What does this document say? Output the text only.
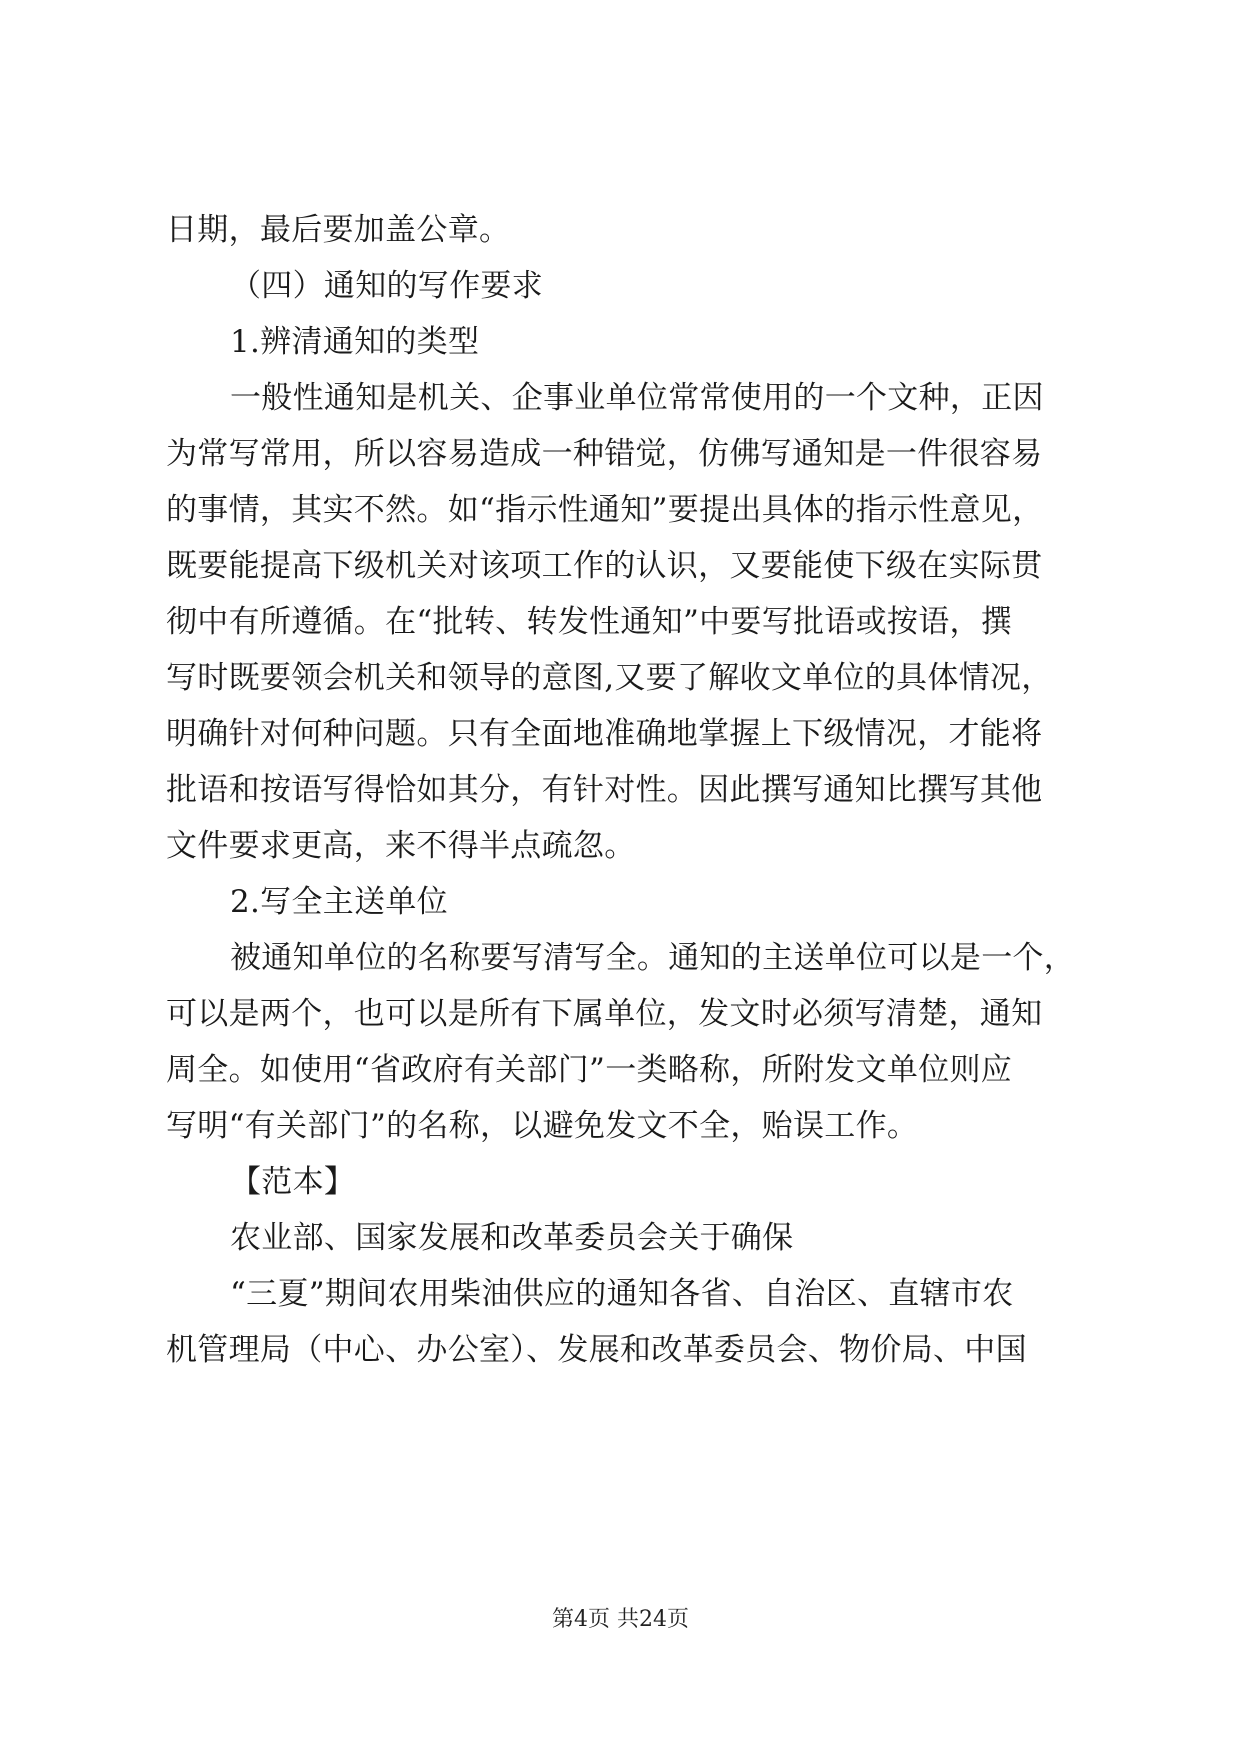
日期，最后要加盖公章。
（四）通知的写作要求
1.辨清通知的类型
一般性通知是机关、企事业单位常常使用的一个文种，正因
为常写常用，所以容易造成一种错觉，仿佛写通知是一件很容易
的事情，其实不然。如“指示性通知”要提出具体的指示性意见，
既要能提高下级机关对该项工作的认识，又要能使下级在实际贯
彻中有所遵循。在“批转、转发性通知”中要写批语或按语，撰
写时既要领会机关和领导的意图,又要了解收文单位的具体情况，
明确针对何种问题。只有全面地准确地掌握上下级情况，才能将
批语和按语写得恰如其分，有针对性。因此撰写通知比撰写其他
文件要求更高，来不得半点疏忽。
2.写全主送单位
被通知单位的名称要写清写全。通知的主送单位可以是一个，
可以是两个，也可以是所有下属单位，发文时必须写清楚，通知
周全。如使用“省政府有关部门”一类略称，所附发文单位则应
写明“有关部门”的名称，以避免发文不全，贻误工作。
【范本】
农业部、国家发展和改革委员会关于确保
“三夏”期间农用柴油供应的通知各省、自治区、直辖市农
机管理局（中心、办公室）、发展和改革委员会、物价局、中国
第4页 共24页
